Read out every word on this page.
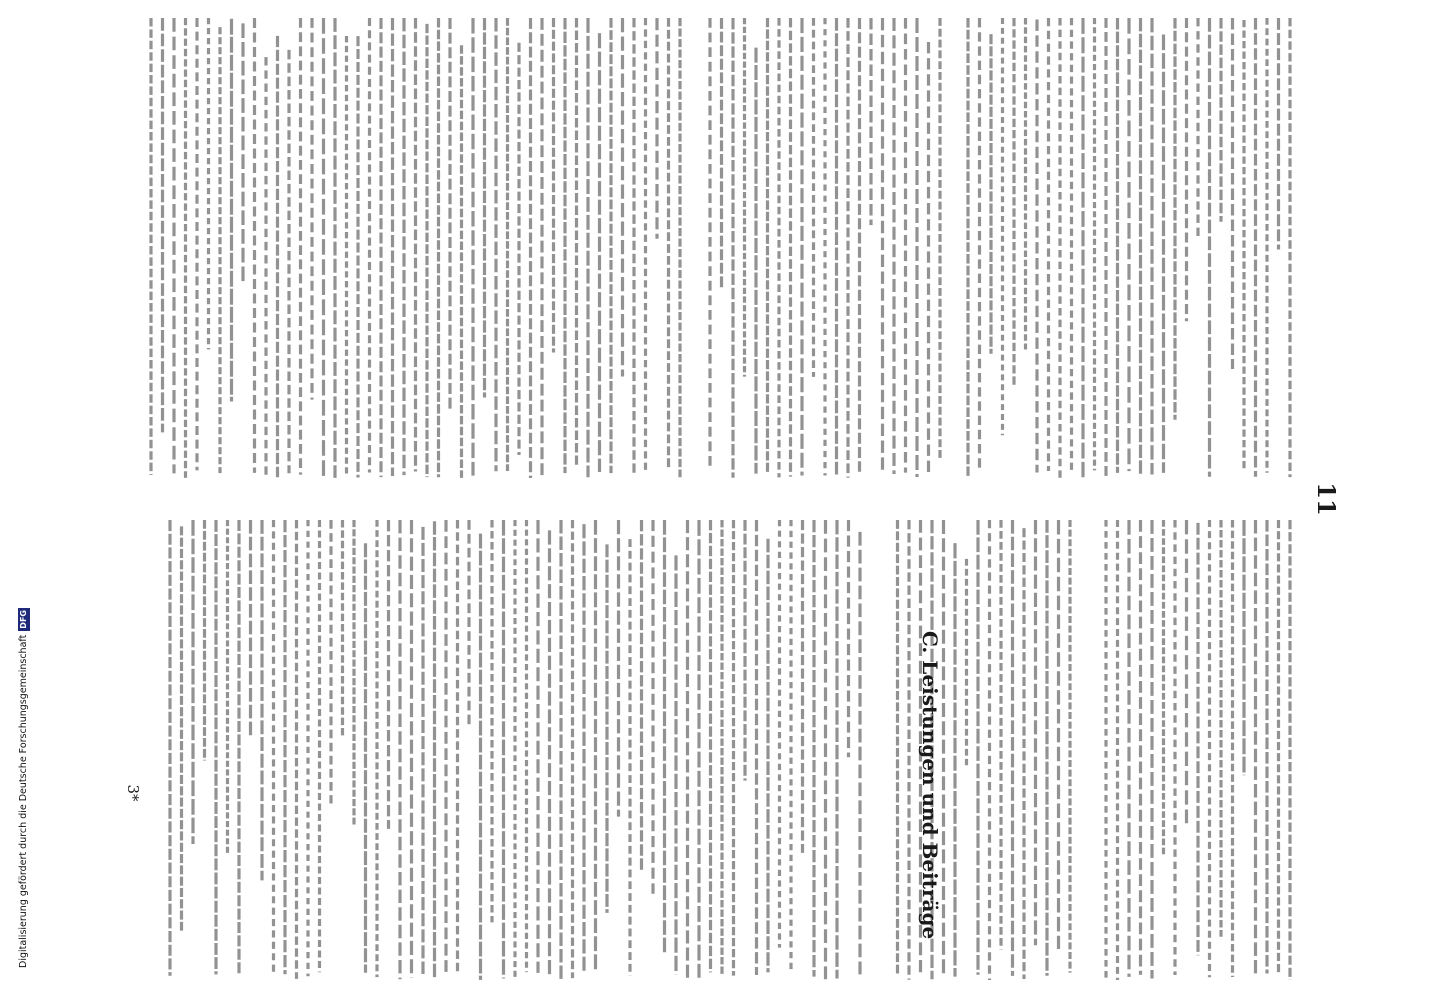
11
C. Leistungen und Beiträge
3*
Digitalisierung gefördert durch die Deutsche Forschungsgemeinschaft
DFG
